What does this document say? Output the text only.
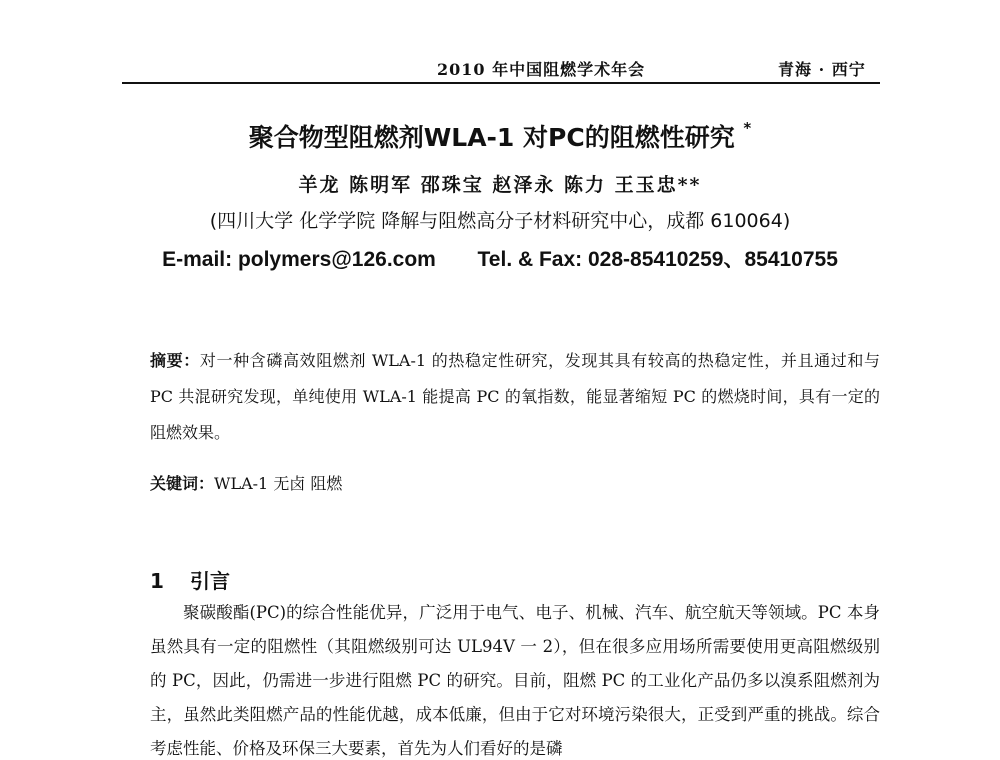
2010 年中国阻燃学术年会	青海 · 西宁
聚合物型阻燃剂WLA-1 对PC的阻燃性研究 *
羊龙 陈明军 邵珠宝 赵泽永 陈力 王玉忠**
(四川大学 化学学院 降解与阻燃高分子材料研究中心，成都 610064)
E-mail: polymers@126.com Tel. & Fax: 028-85410259、85410755
摘要：对一种含磷高效阻燃剂 WLA-1 的热稳定性研究，发现其具有较高的热稳定性，并且通过和与 PC 共混研究发现，单纯使用 WLA-1 能提高 PC 的氧指数，能显著缩短 PC 的燃烧时间，具有一定的阻燃效果。
关键词：WLA-1 无卤 阻燃
1 引言

聚碳酸酯(PC)的综合性能优异，广泛用于电气、电子、机械、汽车、航空航天等领域。PC 本身虽然具有一定的阻燃性（其阻燃级别可达 UL94V 一 2），但在很多应用场所需要使用更高阻燃级别的 PC，因此，仍需进一步进行阻燃 PC 的研究。目前，阻燃 PC 的工业化产品仍多以溴系阻燃剂为主，虽然此类阻燃产品的性能优越，成本低廉，但由于它对环境污染很大，正受到严重的挑战。综合考虑性能、价格及环保三大要素，首先为人们看好的是磷
